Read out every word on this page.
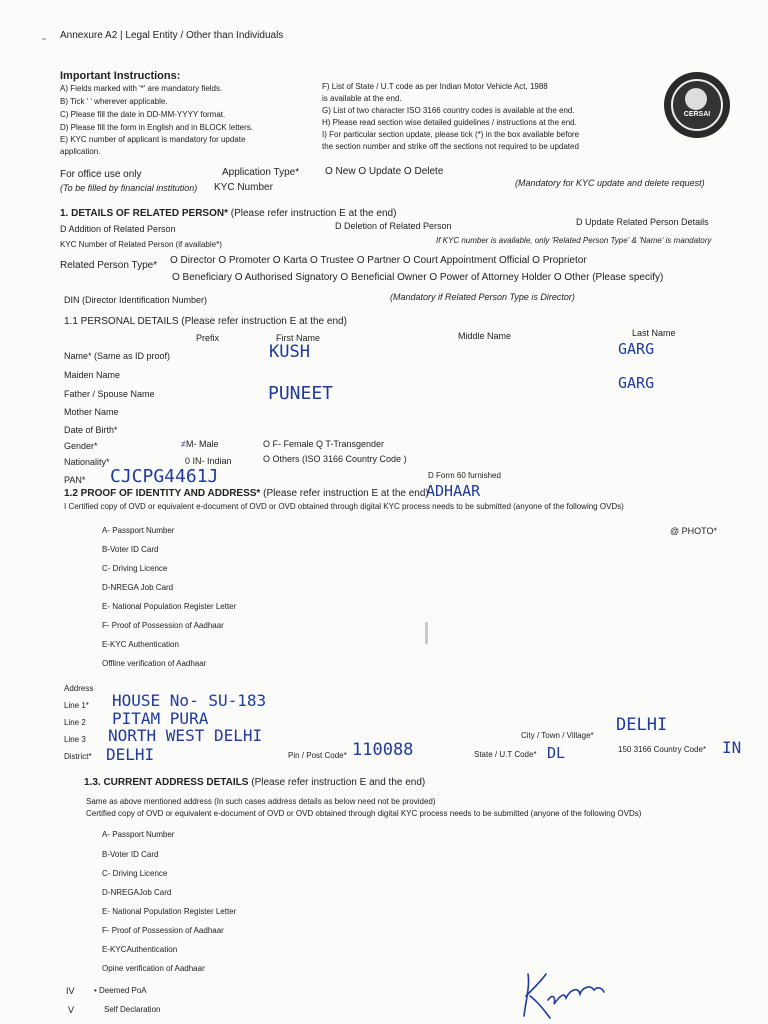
Annexure A2 | Legal Entity / Other than Individuals
Important Instructions:
A) Fields marked with '*' are mandatory fields.
B) Tick ' ' wherever applicable.
C) Please fill the date in DD-MM-YYYY format.
D) Please fill the form in English and in BLOCK letters.
E) KYC number of applicant is mandatory for update
application.
F) List of State / U.T code as per Indian Motor Vehicle Act, 1988
is available at the end.
G) List of two character ISO 3166 country codes is available at the end.
H) Please read section wise detailed guidelines / instructions at the end.
I) For particular section update, please tick (*) in the box available before
the section number and strike off the sections not required to be updated
CERSAI
For office use only
(To be filled by financial institution)
Application Type*	O New O Update O Delete
KYC Number	(Mandatory for KYC update and delete request)
1. DETAILS OF RELATED PERSON* (Please refer instruction E at the end)
D Addition of Related Person	D Deletion of Related Person	D Update Related Person Details
KYC Number of Related Person (if available*)	If KYC number is available, only 'Related Person Type' & 'Name' is mandatory
Related Person Type* O Director O Promoter O Karta O Trustee O Partner O Court Appointment Official O Proprietor
O Beneficiary O Authorised Signatory O Beneficial Owner O Power of Attorney Holder O Other (Please specify)
DIN (Director Identification Number)	(Mandatory if Related Person Type is Director)
1.1 PERSONAL DETAILS (Please refer instruction E at the end)
Prefix	First Name	Middle Name	Last Name
Name* (Same as ID proof)	KUSH	GARG
Maiden Name
Father / Spouse Name	PUNEET	GARG
Mother Name
Date of Birth*
Gender*	≠M- Male	O F- Female Q T-Transgender
Nationality*	0 IN- Indian	O Others (ISO 3166 Country Code )
PAN* CJCPG4461J	D Form 60 furnished
1.2 PROOF OF IDENTITY AND ADDRESS* (Please refer instruction E at the end)
ADHAAR
I Certified copy of OVD or equivalent e-document of OVD or OVD obtained through digital KYC process needs to be submitted (anyone of the following OVDs)
@ PHOTO*
A- Passport Number
B-Voter ID Card
C- Driving Licence
D-NREGA Job Card
E- National Population Register Letter
F- Proof of Possession of Aadhaar
E-KYC Authentication
Offline verification of Aadhaar
Address
Line 1* HOUSE No- SU-183
Line 2 PITAM PURA
Line 3 NORTH WEST DELHI
District* DELHI	Pin / Post Code* 110088
City / Town / Village*
DELHI
State / U.T Code* DL	150 3166 Country Code* IN
1.3. CURRENT ADDRESS DETAILS (Please refer instruction E and the end)
Same as above mentioned address (In such cases address details as below need not be provided)
Certified copy of OVD or equivalent e-document of OVD or OVD obtained through digital KYC process needs to be submitted (anyone of the following OVDs)
A- Passport Number
B-Voter ID Card
C- Driving Licence
D-NREGAJob Card
E- National Population Register Letter
F- Proof of Possession of Aadhaar
E-KYCAuthentication
Opine verification of Aadhaar
IV • Deemed PoA
V	Self Declaration
